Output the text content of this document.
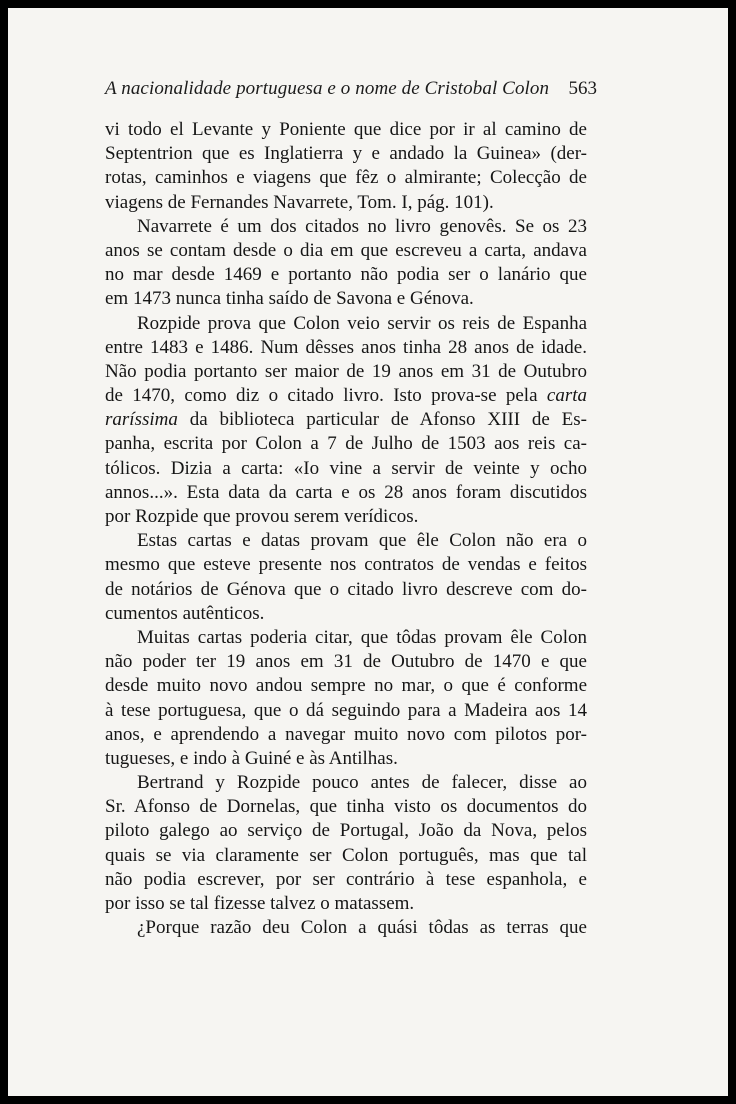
A nacionalidade portuguesa e o nome de Cristobal Colon 563
vi todo el Levante y Poniente que dice por ir al camino de
Septentrion que es Inglatierra y e andado la Guinea» (der-
rotas, caminhos e viagens que fêz o almirante; Colecção de
viagens de Fernandes Navarrete, Tom. I, pág. 101).
Navarrete é um dos citados no livro genovês. Se os 23
anos se contam desde o dia em que escreveu a carta, andava
no mar desde 1469 e portanto não podia ser o lanário que
em 1473 nunca tinha saído de Savona e Génova.
Rozpide prova que Colon veio servir os reis de Espanha
entre 1483 e 1486. Num dêsses anos tinha 28 anos de idade.
Não podia portanto ser maior de 19 anos em 31 de Outubro
de 1470, como diz o citado livro. Isto prova-se pela carta
raríssima da biblioteca particular de Afonso XIII de Es-
panha, escrita por Colon a 7 de Julho de 1503 aos reis ca-
tólicos. Dizia a carta: «Io vine a servir de veinte y ocho
annos...». Esta data da carta e os 28 anos foram discutidos
por Rozpide que provou serem verídicos.
Estas cartas e datas provam que êle Colon não era o
mesmo que esteve presente nos contratos de vendas e feitos
de notários de Génova que o citado livro descreve com do-
cumentos autênticos.
Muitas cartas poderia citar, que tôdas provam êle Colon
não poder ter 19 anos em 31 de Outubro de 1470 e que
desde muito novo andou sempre no mar, o que é conforme
à tese portuguesa, que o dá seguindo para a Madeira aos 14
anos, e aprendendo a navegar muito novo com pilotos por-
tugueses, e indo à Guiné e às Antilhas.
Bertrand y Rozpide pouco antes de falecer, disse ao
Sr. Afonso de Dornelas, que tinha visto os documentos do
piloto galego ao serviço de Portugal, João da Nova, pelos
quais se via claramente ser Colon português, mas que tal
não podia escrever, por ser contrário à tese espanhola, e
por isso se tal fizesse talvez o matassem.
¿Porque razão deu Colon a quási tôdas as terras que
